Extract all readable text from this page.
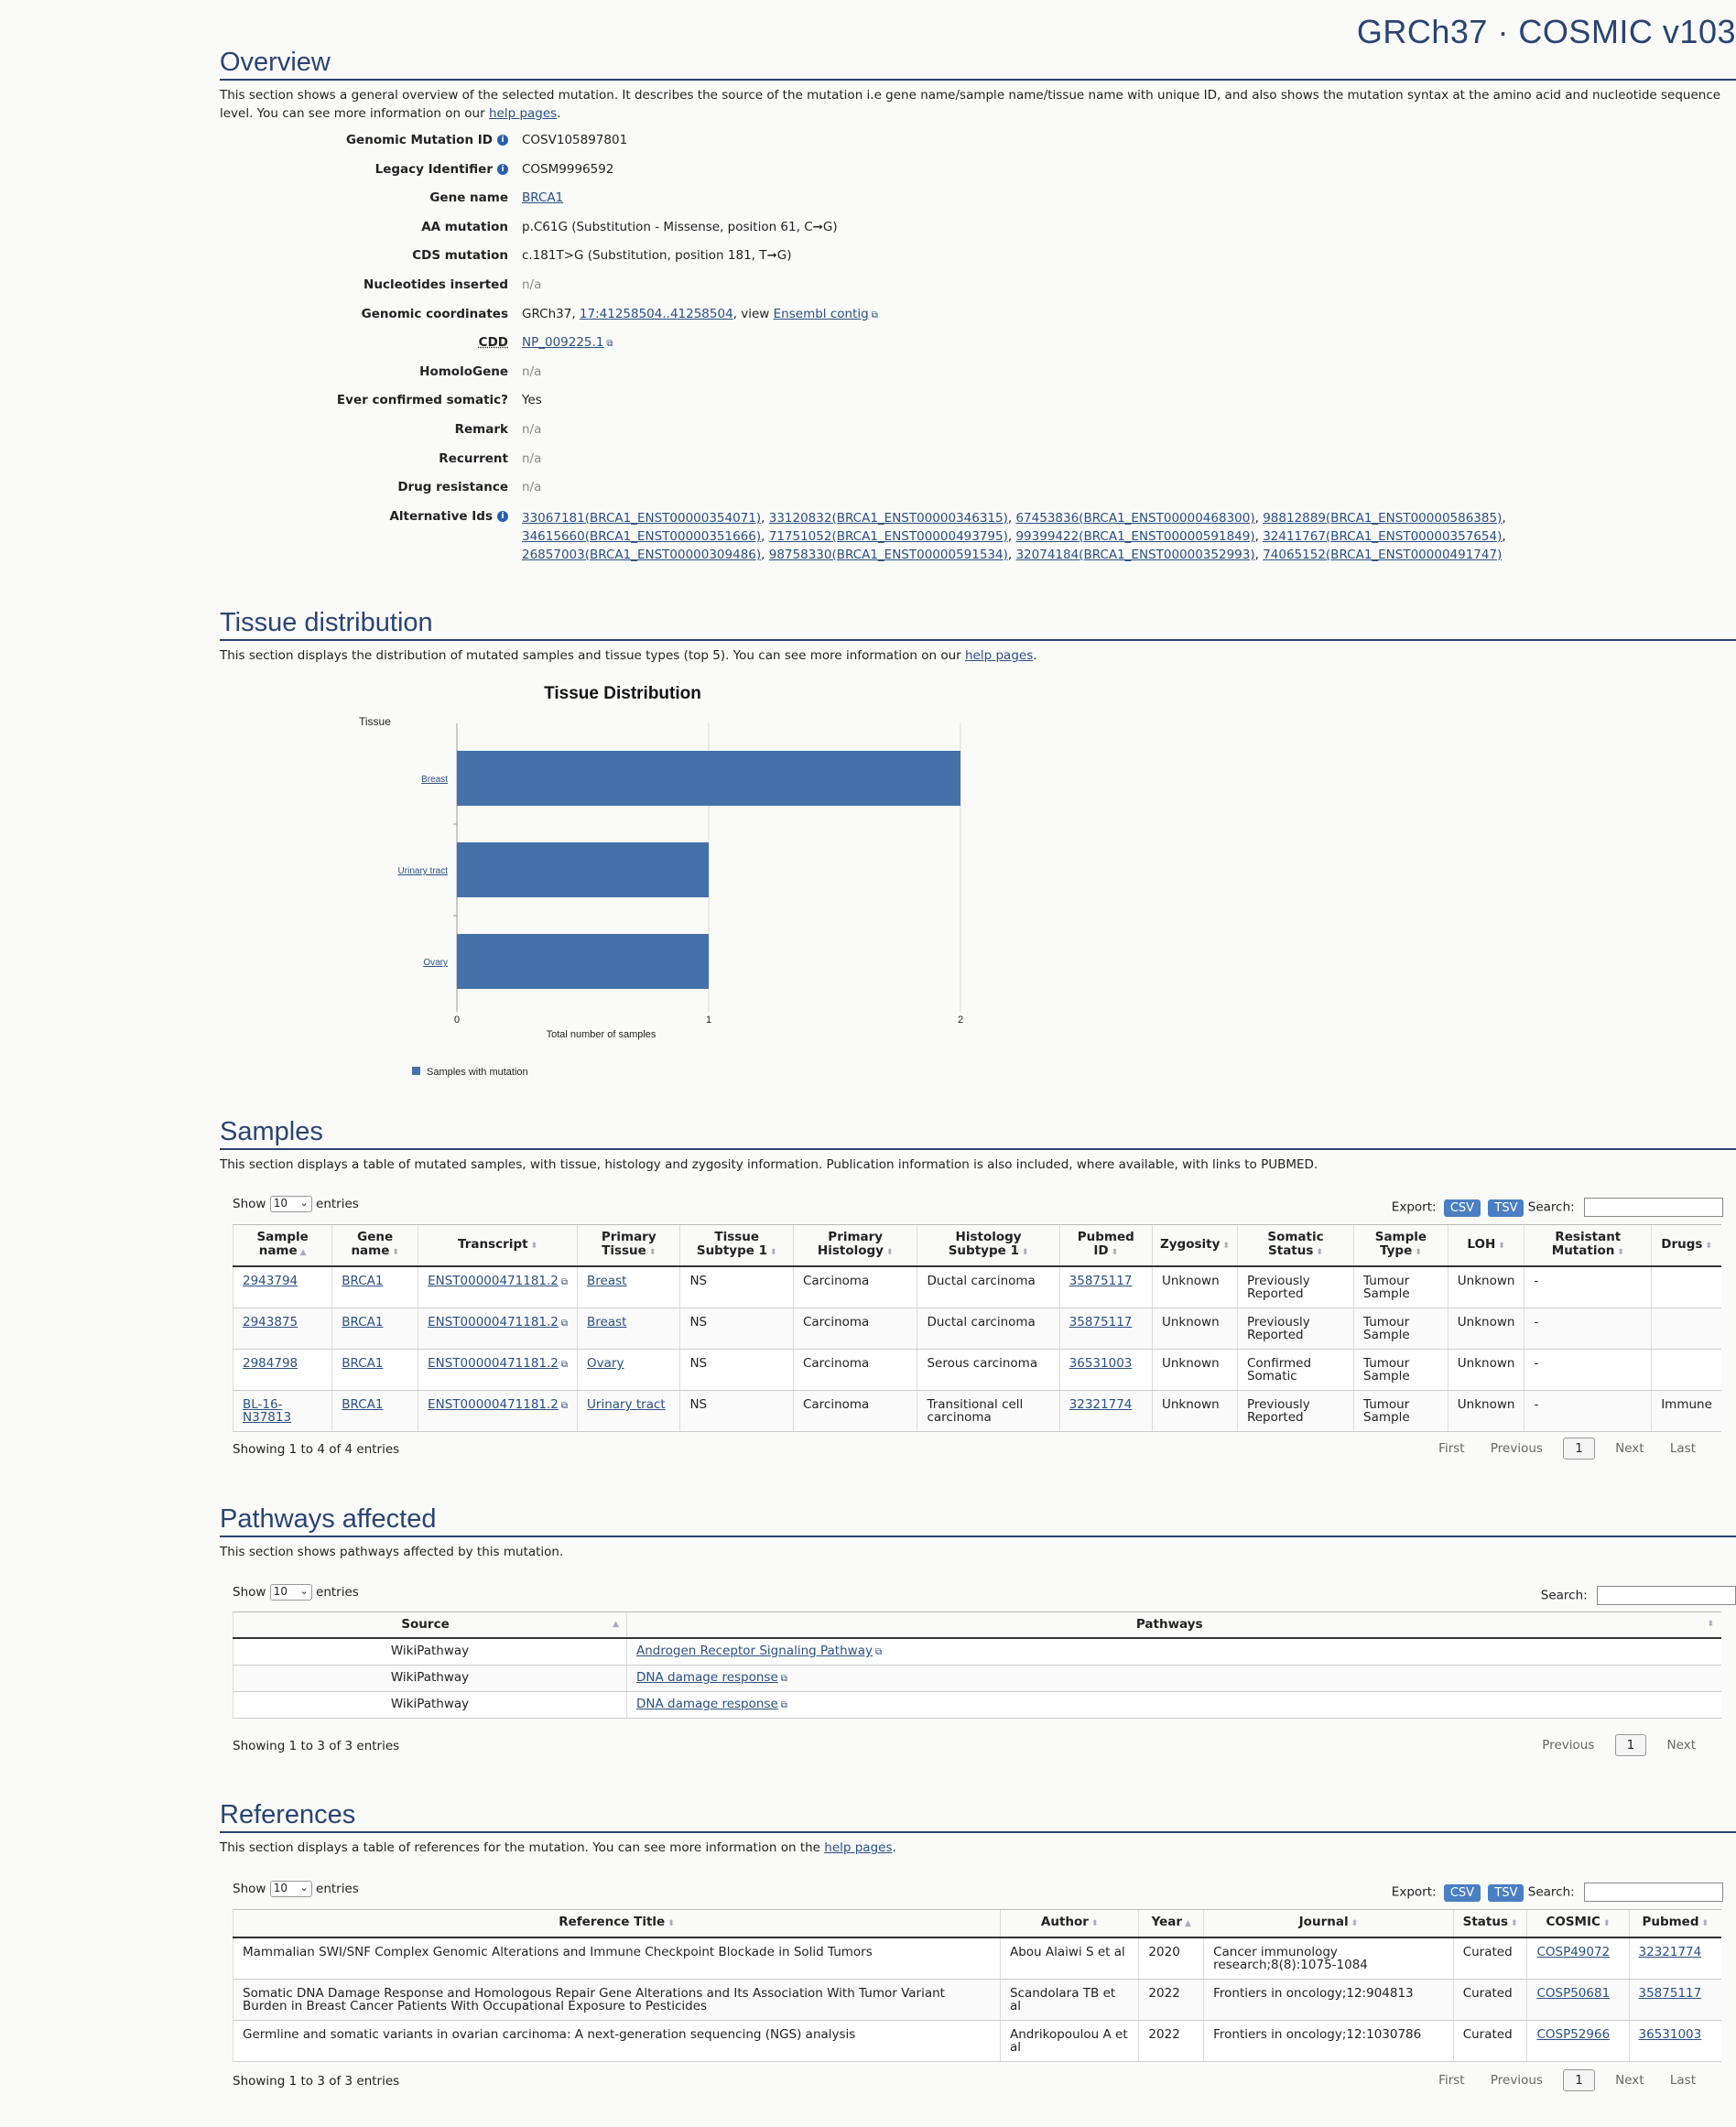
GRCh37 · COSMIC v103
Overview
This section shows a general overview of the selected mutation. It describes the source of the mutation i.e gene name/sample name/tissue name with unique ID, and also shows the mutation syntax at the amino acid and nucleotide sequence level. You can see more information on our help pages.
Genomic Mutation ID i	COSV105897801
Legacy Identifier i	COSM9996592
Gene name	BRCA1
AA mutation	p.C61G (Substitution - Missense, position 61, C➞G)
CDS mutation	c.181T>G (Substitution, position 181, T➞G)
Nucleotides inserted	n/a
Genomic coordinates	GRCh37, 17:41258504..41258504, view Ensembl contig ⧉
CDD	NP_009225.1 ⧉
HomoloGene	n/a
Ever confirmed somatic?	Yes
Remark	n/a
Recurrent	n/a
Drug resistance	n/a
Alternative Ids i	33067181(BRCA1_ENST00000354071), 33120832(BRCA1_ENST00000346315), 67453836(BRCA1_ENST00000468300), 98812889(BRCA1_ENST00000586385),
34615660(BRCA1_ENST00000351666), 71751052(BRCA1_ENST00000493795), 99399422(BRCA1_ENST00000591849), 32411767(BRCA1_ENST00000357654),
26857003(BRCA1_ENST00000309486), 98758330(BRCA1_ENST00000591534), 32074184(BRCA1_ENST00000352993), 74065152(BRCA1_ENST00000491747)
Tissue distribution
This section displays the distribution of mutated samples and tissue types (top 5). You can see more information on our help pages.
Tissue Distribution
Tissue
0	1	2
Breast
Urinary tract
Ovary
Total number of samples
Samples with mutation
Samples
This section displays a table of mutated samples, with tissue, histology and zygosity information. Publication information is also included, where available, with links to PUBMED.
Show 10 ⌄ entries	Export: CSV TSV Search:
Sample name ▲	Gene name ⬍	Transcript ⬍	Primary Tissue ⬍	Tissue Subtype 1 ⬍	Primary Histology ⬍	Histology Subtype 1 ⬍	Pubmed ID ⬍	Zygosity ⬍	Somatic Status ⬍	Sample Type ⬍	LOH ⬍	Resistant Mutation ⬍	Drugs ⬍
2943794	BRCA1	ENST00000471181.2 ⧉	Breast	NS	Carcinoma	Ductal carcinoma	35875117	Unknown	Previously Reported	Tumour Sample	Unknown	-	
2943875	BRCA1	ENST00000471181.2 ⧉	Breast	NS	Carcinoma	Ductal carcinoma	35875117	Unknown	Previously Reported	Tumour Sample	Unknown	-	
2984798	BRCA1	ENST00000471181.2 ⧉	Ovary	NS	Carcinoma	Serous carcinoma	36531003	Unknown	Confirmed Somatic	Tumour Sample	Unknown	-	
BL-16-N37813	BRCA1	ENST00000471181.2 ⧉	Urinary tract	NS	Carcinoma	Transitional cell carcinoma	32321774	Unknown	Previously Reported	Tumour Sample	Unknown	-	Immune
Showing 1 to 4 of 4 entries	First Previous	1	Next Last
Pathways affected
This section shows pathways affected by this mutation.
Show 10 ⌄ entries	Search:
Source ▲	Pathways ⬍

WikiPathway	Androgen Receptor Signaling Pathway ⧉
WikiPathway	DNA damage response ⧉
WikiPathway	DNA damage response ⧉
Showing 1 to 3 of 3 entries	Previous	1	Next
References
This section displays a table of references for the mutation. You can see more information on the help pages.
Show 10 ⌄ entries	Export: CSV TSV Search:
Reference Title ⬍	Author ⬍	Year ▲	Journal ⬍	Status ⬍	COSMIC ⬍	Pubmed ⬍
Mammalian SWI/SNF Complex Genomic Alterations and Immune Checkpoint Blockade in Solid Tumors	Abou Alaiwi S et al	2020	Cancer immunology research;8(8):1075-1084	Curated	COSP49072	32321774
Somatic DNA Damage Response and Homologous Repair Gene Alterations and Its Association With Tumor Variant Burden in Breast Cancer Patients With Occupational Exposure to Pesticides	Scandolara TB et al	2022	Frontiers in oncology;12:904813	Curated	COSP50681	35875117
Germline and somatic variants in ovarian carcinoma: A next-generation sequencing (NGS) analysis	Andrikopoulou A et al	2022	Frontiers in oncology;12:1030786	Curated	COSP52966	36531003
Showing 1 to 3 of 3 entries	First Previous	1	Next Last
